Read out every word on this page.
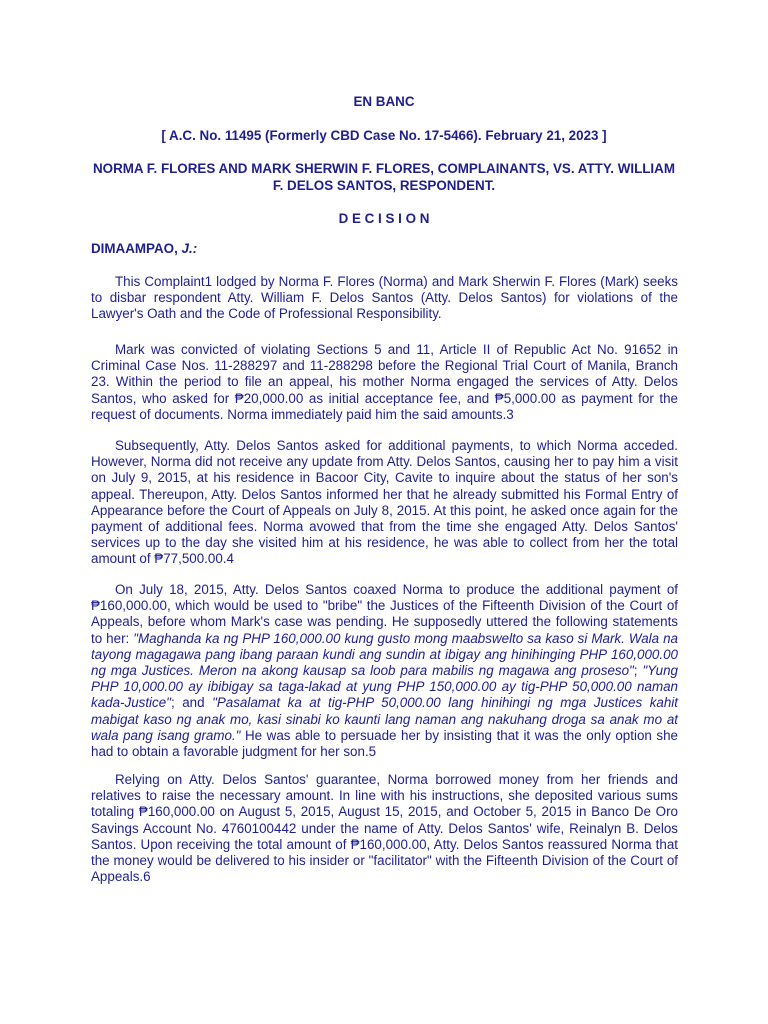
EN BANC
[ A.C. No. 11495 (Formerly CBD Case No. 17-5466). February 21, 2023 ]
NORMA F. FLORES AND MARK SHERWIN F. FLORES, COMPLAINANTS, VS. ATTY. WILLIAM F. DELOS SANTOS, RESPONDENT.
D E C I S I O N
DIMAAMPAO, J.:

This Complaint1 lodged by Norma F. Flores (Norma) and Mark Sherwin F. Flores (Mark) seeks to disbar respondent Atty. William F. Delos Santos (Atty. Delos Santos) for violations of the Lawyer's Oath and the Code of Professional Responsibility.

Mark was convicted of violating Sections 5 and 11, Article II of Republic Act No. 91652 in Criminal Case Nos. 11-288297 and 11-288298 before the Regional Trial Court of Manila, Branch 23. Within the period to file an appeal, his mother Norma engaged the services of Atty. Delos Santos, who asked for ₱20,000.00 as initial acceptance fee, and ₱5,000.00 as payment for the request of documents. Norma immediately paid him the said amounts.3

Subsequently, Atty. Delos Santos asked for additional payments, to which Norma acceded. However, Norma did not receive any update from Atty. Delos Santos, causing her to pay him a visit on July 9, 2015, at his residence in Bacoor City, Cavite to inquire about the status of her son's appeal. Thereupon, Atty. Delos Santos informed her that he already submitted his Formal Entry of Appearance before the Court of Appeals on July 8, 2015. At this point, he asked once again for the payment of additional fees. Norma avowed that from the time she engaged Atty. Delos Santos' services up to the day she visited him at his residence, he was able to collect from her the total amount of ₱77,500.00.4

On July 18, 2015, Atty. Delos Santos coaxed Norma to produce the additional payment of ₱160,000.00, which would be used to "bribe" the Justices of the Fifteenth Division of the Court of Appeals, before whom Mark's case was pending. He supposedly uttered the following statements to her: "Maghanda ka ng PHP 160,000.00 kung gusto mong maabswelto sa kaso si Mark. Wala na tayong magagawa pang ibang paraan kundi ang sundin at ibigay ang hinihinging PHP 160,000.00 ng mga Justices. Meron na akong kausap sa loob para mabilis ng magawa ang proseso"; "Yung PHP 10,000.00 ay ibibigay sa taga-lakad at yung PHP 150,000.00 ay tig-PHP 50,000.00 naman kada-Justice"; and "Pasalamat ka at tig-PHP 50,000.00 lang hinihingi ng mga Justices kahit mabigat kaso ng anak mo, kasi sinabi ko kaunti lang naman ang nakuhang droga sa anak mo at wala pang isang gramo." He was able to persuade her by insisting that it was the only option she had to obtain a favorable judgment for her son.5

Relying on Atty. Delos Santos' guarantee, Norma borrowed money from her friends and relatives to raise the necessary amount. In line with his instructions, she deposited various sums totaling ₱160,000.00 on August 5, 2015, August 15, 2015, and October 5, 2015 in Banco De Oro Savings Account No. 4760100442 under the name of Atty. Delos Santos' wife, Reinalyn B. Delos Santos. Upon receiving the total amount of ₱160,000.00, Atty. Delos Santos reassured Norma that the money would be delivered to his insider or "facilitator" with the Fifteenth Division of the Court of Appeals.6
